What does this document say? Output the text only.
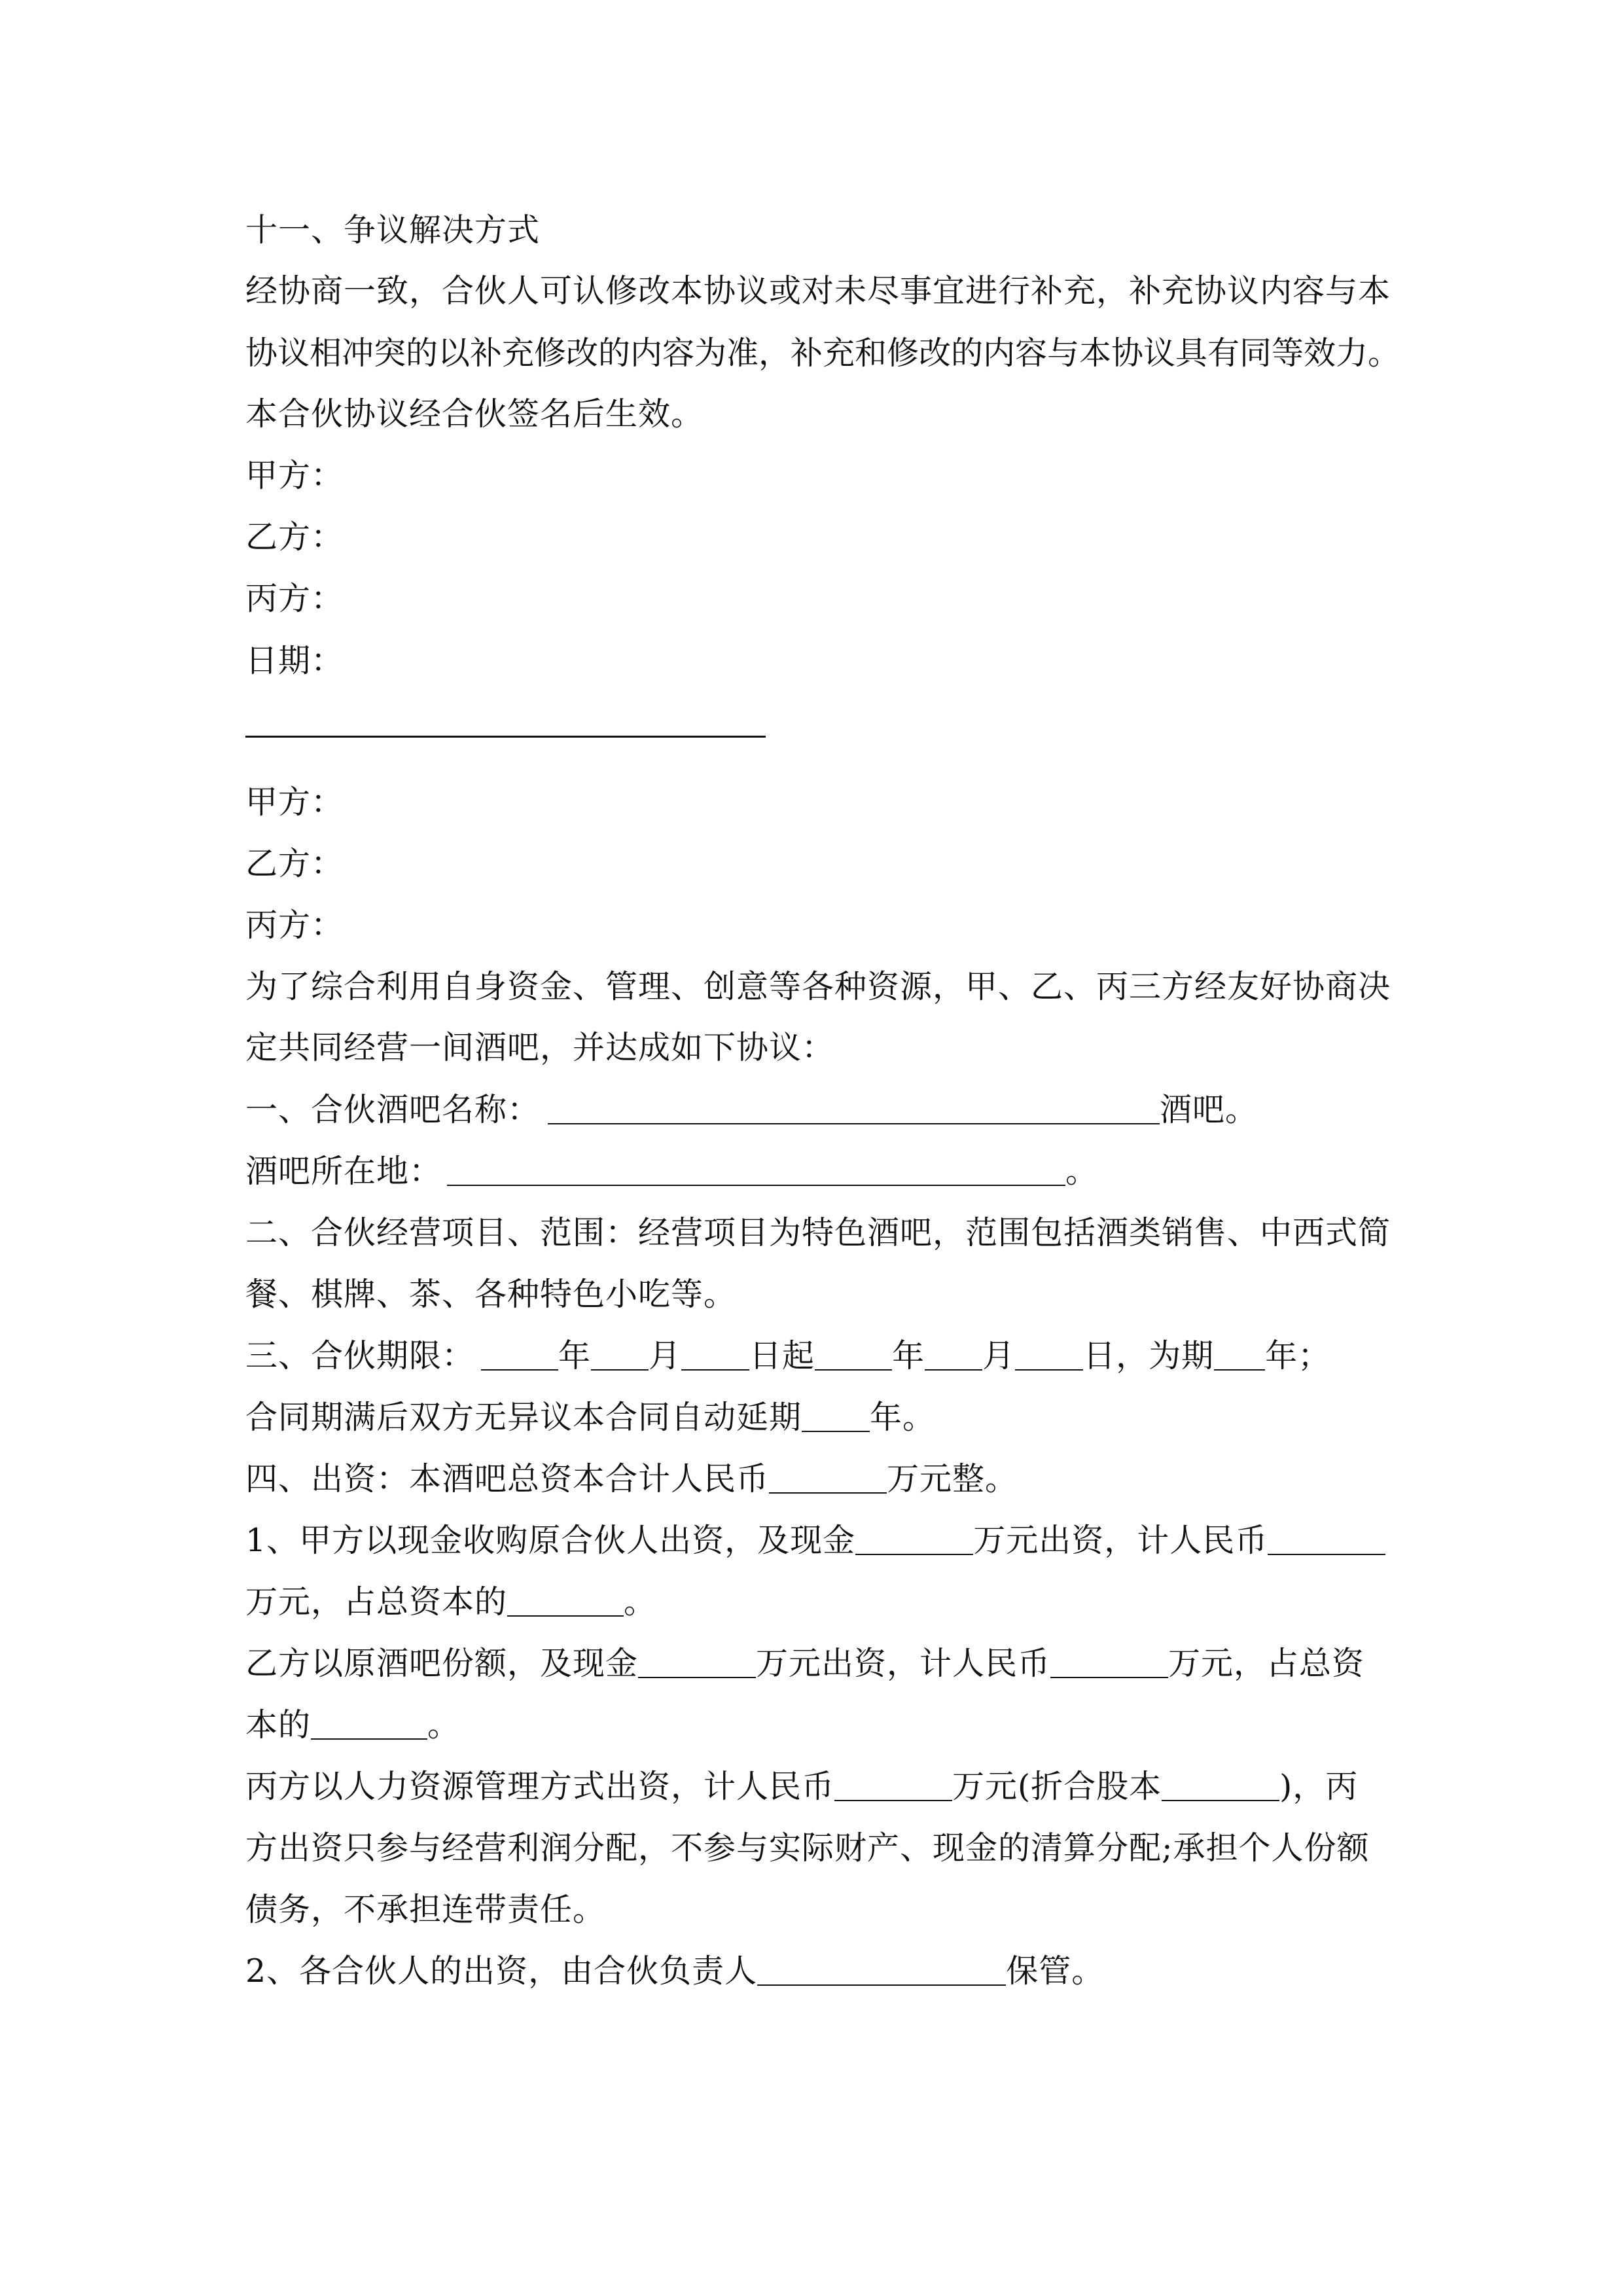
十一、争议解决方式
经协商一致，合伙人可认修改本协议或对未尽事宜进行补充，补充协议内容与本
协议相冲突的以补充修改的内容为准，补充和修改的内容与本协议具有同等效力。
本合伙协议经合伙签名后生效。
甲方：
乙方：
丙方：
日期：
甲方：
乙方：
丙方：
为了综合利用自身资金、管理、创意等各种资源，甲、乙、丙三方经友好协商决
定共同经营一间酒吧，并达成如下协议：
一、合伙酒吧名称：	酒吧。
酒吧所在地：	。
二、合伙经营项目、范围：经营项目为特色酒吧，范围包括酒类销售、中西式简
餐、棋牌、茶、各种特色小吃等。
三、合伙期限：	年 月 日起 年 月 日，为期 年；
合同期满后双方无异议本合同自动延期 年。
四、出资：本酒吧总资本合计人民币	万元整。
1、甲方以现金收购原合伙人出资，及现金	万元出资，计人民币
万元，占总资本的	。
乙方以原酒吧份额，及现金	万元出资，计人民币	万元，占总资
本的	。
丙方以人力资源管理方式出资，计人民币	万元(折合股本	)，丙
方出资只参与经营利润分配，不参与实际财产、现金的清算分配;承担个人份额
债务，不承担连带责任。
2、各合伙人的出资，由合伙负责人	保管。
